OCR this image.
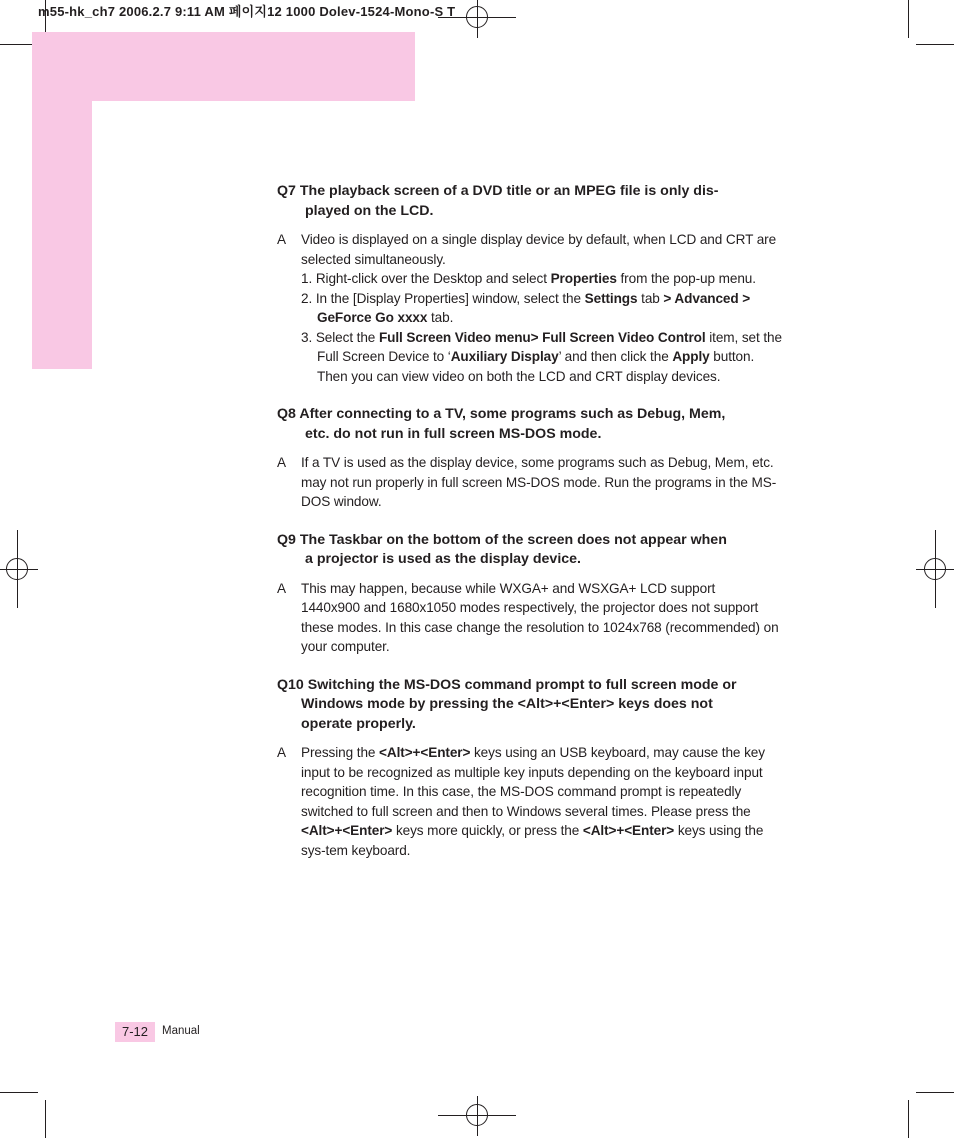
m55-hk_ch7 2006.2.7 9:11 AM 페이지12 1000 Dolev-1524-Mono-S T
Q7 The playback screen of a DVD title or an MPEG file is only dis-
played on the LCD.
A Video is displayed on a single display device by default, when LCD and CRT are selected simultaneously.
1. Right-click over the Desktop and select Properties from the pop-up menu.
2. In the [Display Properties] window, select the Settings tab > Advanced >
GeForce Go xxxx tab.
3. Select the Full Screen Video menu> Full Screen Video Control item, set the Full Screen Device to ‘Auxiliary Display’ and then click the Apply button. Then you can view video on both the LCD and CRT display devices.
Q8 After connecting to a TV, some programs such as Debug, Mem,
etc. do not run in full screen MS-DOS mode.
A If a TV is used as the display device, some programs such as Debug, Mem, etc. may not run properly in full screen MS-DOS mode. Run the programs in the MS-DOS window.
Q9 The Taskbar on the bottom of the screen does not appear when
a projector is used as the display device.
A This may happen, because while WXGA+ and WSXGA+ LCD support
1440x900 and 1680x1050 modes respectively, the projector does not support these modes. In this case change the resolution to 1024x768 (recommended) on your computer.
Q10 Switching the MS-DOS command prompt to full screen mode or
Windows mode by pressing the <Alt>+<Enter> keys does not
operate properly.
A Pressing the <Alt>+<Enter> keys using an USB keyboard, may cause the key input to be recognized as multiple key inputs depending on the keyboard input recognition time. In this case, the MS-DOS command prompt is repeatedly switched to full screen and then to Windows several times. Please press the <Alt>+<Enter> keys more quickly, or press the <Alt>+<Enter> keys using the sys-tem keyboard.
7-12	Manual
